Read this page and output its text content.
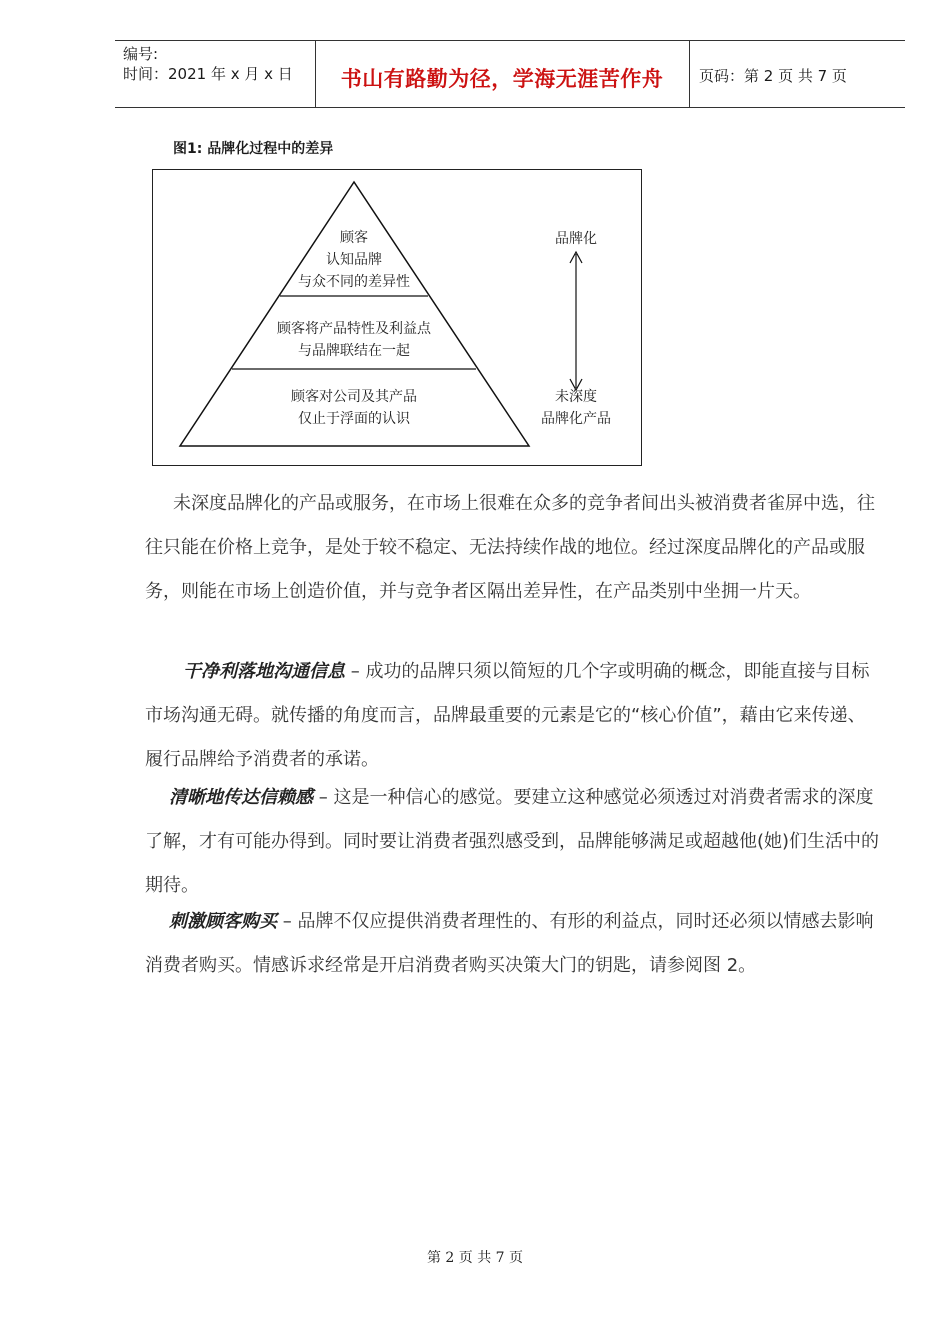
编号:
时间：2021 年 x 月 x 日	书山有路勤为径，学海无涯苦作舟	页码：第 2 页 共 7 页
图1: 品牌化过程中的差异
顾客
认知品牌
与众不同的差异性
顾客将产品特性及利益点
与品牌联结在一起
顾客对公司及其产品
仅止于浮面的认识
品牌化
未深度
品牌化产品
未深度品牌化的产品或服务，在市场上很难在众多的竞争者间出头被消费者雀屏中选，往往只能在价格上竞争，是处于较不稳定、无法持续作战的地位。经过深度品牌化的产品或服务，则能在市场上创造价值，并与竞争者区隔出差异性，在产品类别中坐拥一片天。
干净利落地沟通信息 – 成功的品牌只须以简短的几个字或明确的概念，即能直接与目标市场沟通无碍。就传播的角度而言，品牌最重要的元素是它的“核心价值”，藉由它来传递、履行品牌给予消费者的承诺。
清晰地传达信赖感 – 这是一种信心的感觉。要建立这种感觉必须透过对消费者需求的深度了解，才有可能办得到。同时要让消费者强烈感受到，品牌能够满足或超越他(她)们生活中的期待。
刺激顾客购买 – 品牌不仅应提供消费者理性的、有形的利益点，同时还必须以情感去影响消费者购买。情感诉求经常是开启消费者购买决策大门的钥匙，请参阅图 2。
第 2 页 共 7 页
